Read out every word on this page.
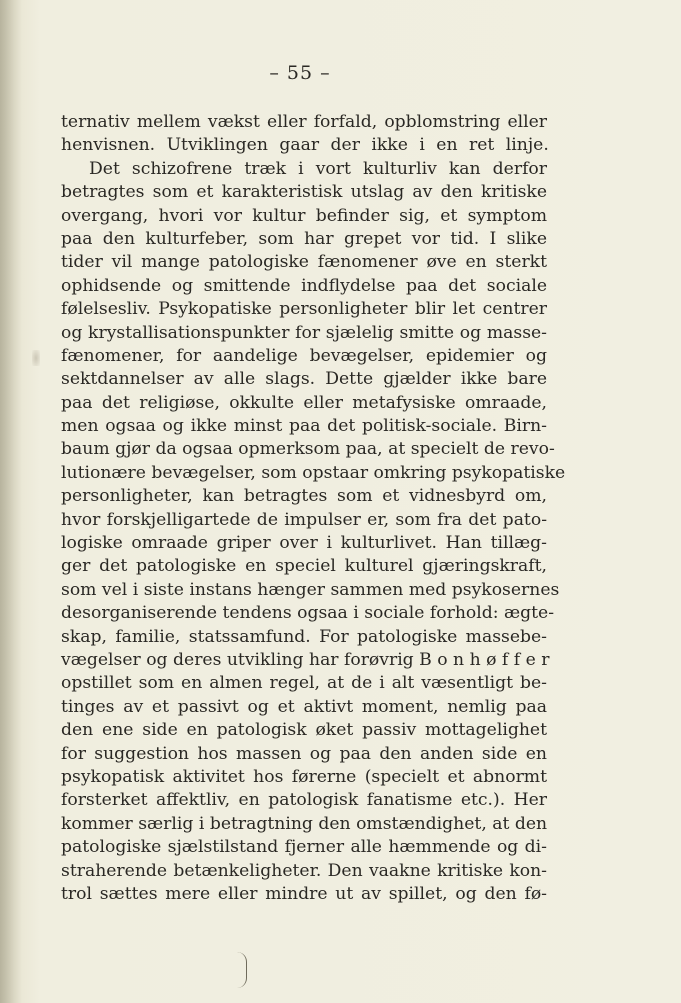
– 55 –
ternativ mellem vækst eller forfald, opblomstring eller
henvisnen. Utviklingen gaar der ikke i en ret linje.
Det schizofrene træk i vort kulturliv kan derfor
betragtes som et karakteristisk utslag av den kritiske
overgang, hvori vor kultur befinder sig, et symptom
paa den kulturfeber, som har grepet vor tid. I slike
tider vil mange patologiske fænomener øve en sterkt
ophidsende og smittende indflydelse paa det sociale
følelsesliv. Psykopatiske personligheter blir let centrer
og krystallisationspunkter for sjælelig smitte og masse-
fænomener, for aandelige bevægelser, epidemier og
sektdannelser av alle slags. Dette gjælder ikke bare
paa det religiøse, okkulte eller metafysiske omraade,
men ogsaa og ikke minst paa det politisk-sociale. Birn-
baum gjør da ogsaa opmerksom paa, at specielt de revo-
lutionære bevægelser, som opstaar omkring psykopatiske
personligheter, kan betragtes som et vidnesbyrd om,
hvor forskjelligartede de impulser er, som fra det pato-
logiske omraade griper over i kulturlivet. Han tillæg-
ger det patologiske en speciel kulturel gjæringskraft,
som vel i siste instans hænger sammen med psykosernes
desorganiserende tendens ogsaa i sociale forhold: ægte-
skap, familie, statssamfund. For patologiske massebe-
vægelser og deres utvikling har forøvrig B o n h ø f f e r
opstillet som en almen regel, at de i alt væsentligt be-
tinges av et passivt og et aktivt moment, nemlig paa
den ene side en patologisk øket passiv mottagelighet
for suggestion hos massen og paa den anden side en
psykopatisk aktivitet hos førerne (specielt et abnormt
forsterket affektliv, en patologisk fanatisme etc.). Her
kommer særlig i betragtning den omstændighet, at den
patologiske sjælstilstand fjerner alle hæmmende og di-
straherende betænkeligheter. Den vaakne kritiske kon-
trol sættes mere eller mindre ut av spillet, og den fø-
